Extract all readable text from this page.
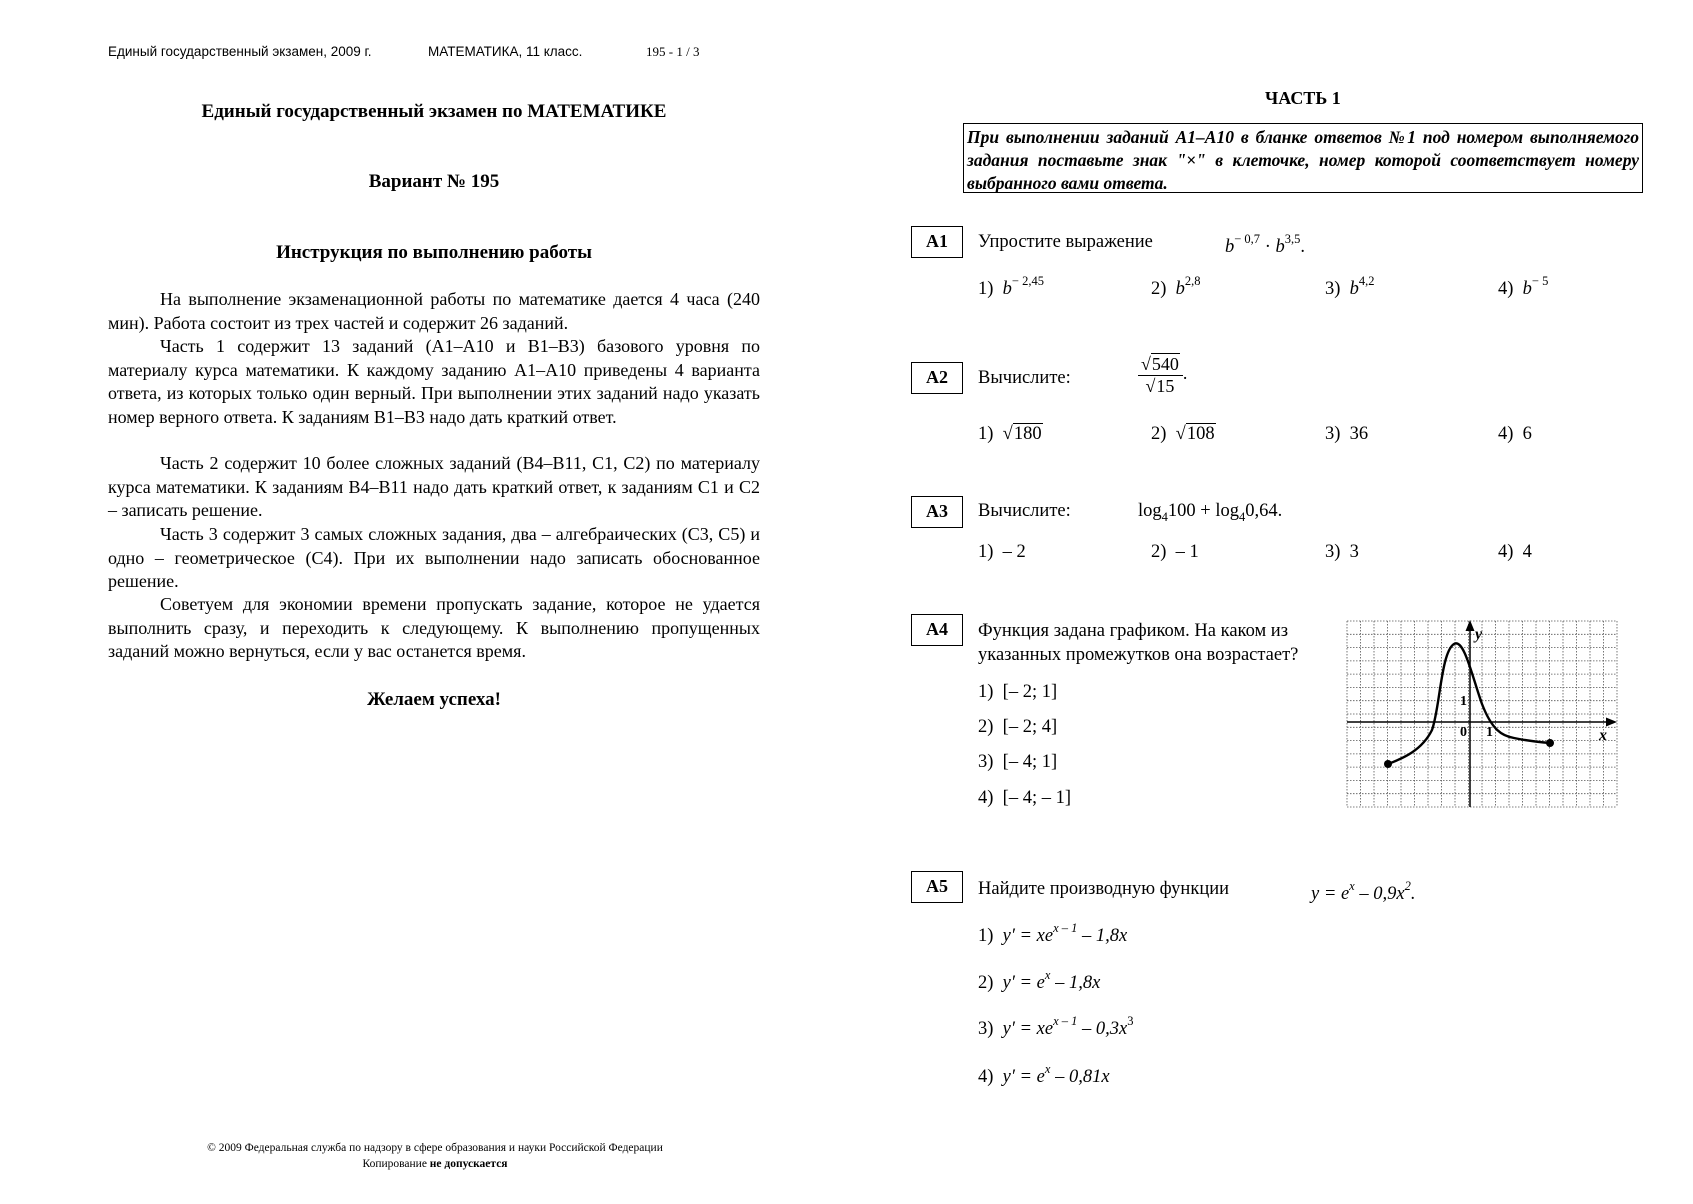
Единый государственный экзамен, 2009 г.	МАТЕМАТИКА, 11 класс.	195 - 1 / 3
Единый государственный экзамен по МАТЕМАТИКЕ
Вариант № 195
Инструкция по выполнению работы

На выполнение экзаменационной работы по математике дается 4 часа (240 мин). Работа состоит из трех частей и содержит 26 заданий.

Часть 1 содержит 13 заданий (А1–А10 и В1–В3) базового уровня по материалу курса математики. К каждому заданию А1–А10 приведены 4 варианта ответа, из которых только один верный. При выполнении этих заданий надо указать номер верного ответа. К заданиям В1–В3 надо дать краткий ответ.

Часть 2 содержит 10 более сложных заданий (В4–В11, С1, С2) по материалу курса математики. К заданиям В4–В11 надо дать краткий ответ, к заданиям С1 и С2 – записать решение.

Часть 3 содержит 3 самых сложных задания, два – алгебраических (С3, С5) и одно – геометрическое (С4). При их выполнении надо записать обоснованное решение.

Советуем для экономии времени пропускать задание, которое не удается выполнить сразу, и переходить к следующему. К выполнению пропущенных заданий можно вернуться, если у вас останется время.

Желаем успеха!
© 2009 Федеральная служба по надзору в сфере образования и науки Российской Федерации
Копирование не допускается
ЧАСТЬ 1
При выполнении заданий А1–А10 в бланке ответов №1 под номером выполняемого задания поставьте знак "×" в клеточке, номер которой соответствует номеру выбранного вами ответа.
А1	Упростите выражение	$b^{- 0,7} \cdot b^{3,5}$.
1) $b^{- 2,45}$	2) $b^{2,8}$	3) $b^{4,2}$	4) $b^{- 5}$
А2	Вычислите:	$\frac{√540}{√15}$ .
1)  √180	2)  √108	3) 36	4) 6
А3	Вычислите:	$\log_4100 + \log_40,64$.
1) – 2	2) – 1	3) 3	4) 4
А4	Функция задана графиком. На каком из
указанных промежутков она возрастает?
1) [– 2; 1]
2) [– 2; 4]
3) [– 4; 1]
4) [– 4; – 1]
y
x
0 1
1
А5	Найдите производную функции	$y = e^x - 0,9x^2$.
1) $y' = xe^{x - 1} - 1,8x$
2) $y' = e^x - 1,8x$
3) $y' = xe^{x - 1} - 0,3x^3$
4) $y' = e^x - 0,81x$
